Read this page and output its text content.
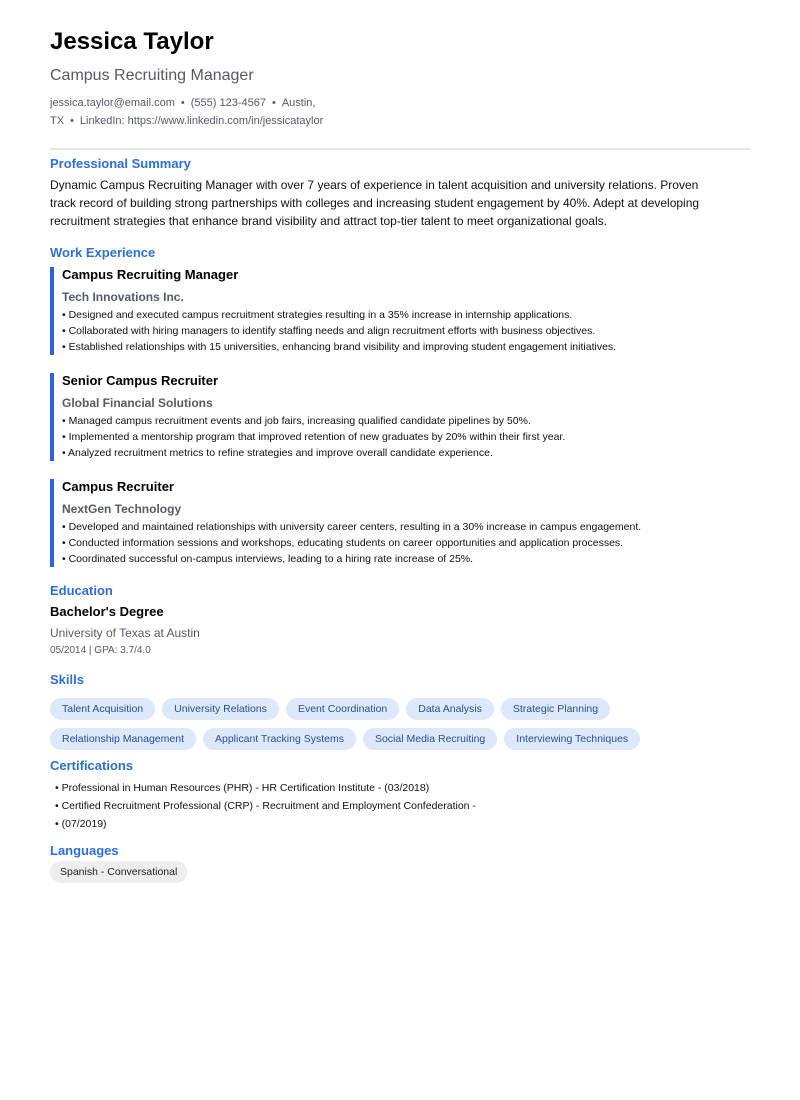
Jessica Taylor
Campus Recruiting Manager
jessica.taylor@email.com • (555) 123-4567 • Austin, TX • LinkedIn: https://www.linkedin.com/in/jessicataylor
Professional Summary

Dynamic Campus Recruiting Manager with over 7 years of experience in talent acquisition and university relations. Proven track record of building strong partnerships with colleges and increasing student engagement by 40%. Adept at developing recruitment strategies that enhance brand visibility and attract top-tier talent to meet organizational goals.

Work Experience
Campus Recruiting Manager
Tech Innovations Inc.
• Designed and executed campus recruitment strategies resulting in a 35% increase in internship applications.
• Collaborated with hiring managers to identify staffing needs and align recruitment efforts with business objectives.
• Established relationships with 15 universities, enhancing brand visibility and improving student engagement initiatives.
Senior Campus Recruiter
Global Financial Solutions
• Managed campus recruitment events and job fairs, increasing qualified candidate pipelines by 50%.
• Implemented a mentorship program that improved retention of new graduates by 20% within their first year.
• Analyzed recruitment metrics to refine strategies and improve overall candidate experience.
Campus Recruiter
NextGen Technology
• Developed and maintained relationships with university career centers, resulting in a 30% increase in campus engagement.
• Conducted information sessions and workshops, educating students on career opportunities and application processes.
• Coordinated successful on-campus interviews, leading to a hiring rate increase of 25%.
Education
Bachelor's Degree
University of Texas at Austin
05/2014 | GPA: 3.7/4.0
Skills
Talent Acquisition	University Relations	Event Coordination	Data Analysis	Strategic Planning
Relationship Management	Applicant Tracking Systems	Social Media Recruiting	Interviewing Techniques
Certifications
• Professional in Human Resources (PHR) - HR Certification Institute - (03/2018)
• Certified Recruitment Professional (CRP) - Recruitment and Employment Confederation -
• (07/2019)
Languages
Spanish - Conversational
